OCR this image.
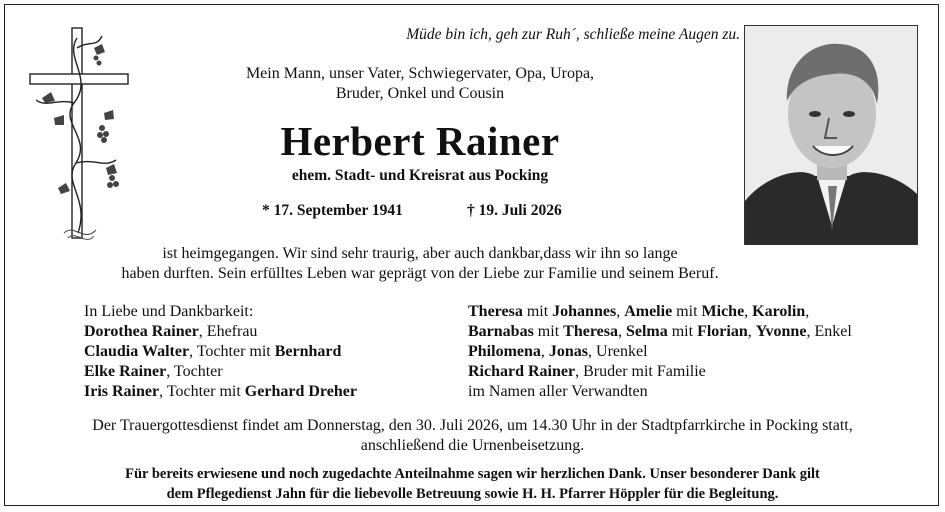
Müde bin ich, geh zur Ruh´, schließe meine Augen zu.
Mein Mann, unser Vater, Schwiegervater, Opa, Uropa,
Bruder, Onkel und Cousin
Herbert Rainer
ehem. Stadt- und Kreisrat aus Pocking
* 17. September 1941	† 19. Juli 2026
ist heimgegangen. Wir sind sehr traurig, aber auch dankbar,dass wir ihn so lange
haben durften. Sein erfülltes Leben war geprägt von der Liebe zur Familie und seinem Beruf.
In Liebe und Dankbarkeit:
Dorothea Rainer, Ehefrau
Claudia Walter, Tochter mit Bernhard
Elke Rainer, Tochter
Iris Rainer, Tochter mit Gerhard Dreher
Theresa mit Johannes, Amelie mit Miche, Karolin,
Barnabas mit Theresa, Selma mit Florian, Yvonne, Enkel
Philomena, Jonas, Urenkel
Richard Rainer, Bruder mit Familie
im Namen aller Verwandten
Der Trauergottesdienst findet am Donnerstag, den 30. Juli 2026, um 14.30 Uhr in der Stadtpfarrkirche in Pocking statt,
anschließend die Urnenbeisetzung.
Für bereits erwiesene und noch zugedachte Anteilnahme sagen wir herzlichen Dank. Unser besonderer Dank gilt
dem Pflegedienst Jahn für die liebevolle Betreuung sowie H. H. Pfarrer Höppler für die Begleitung.
